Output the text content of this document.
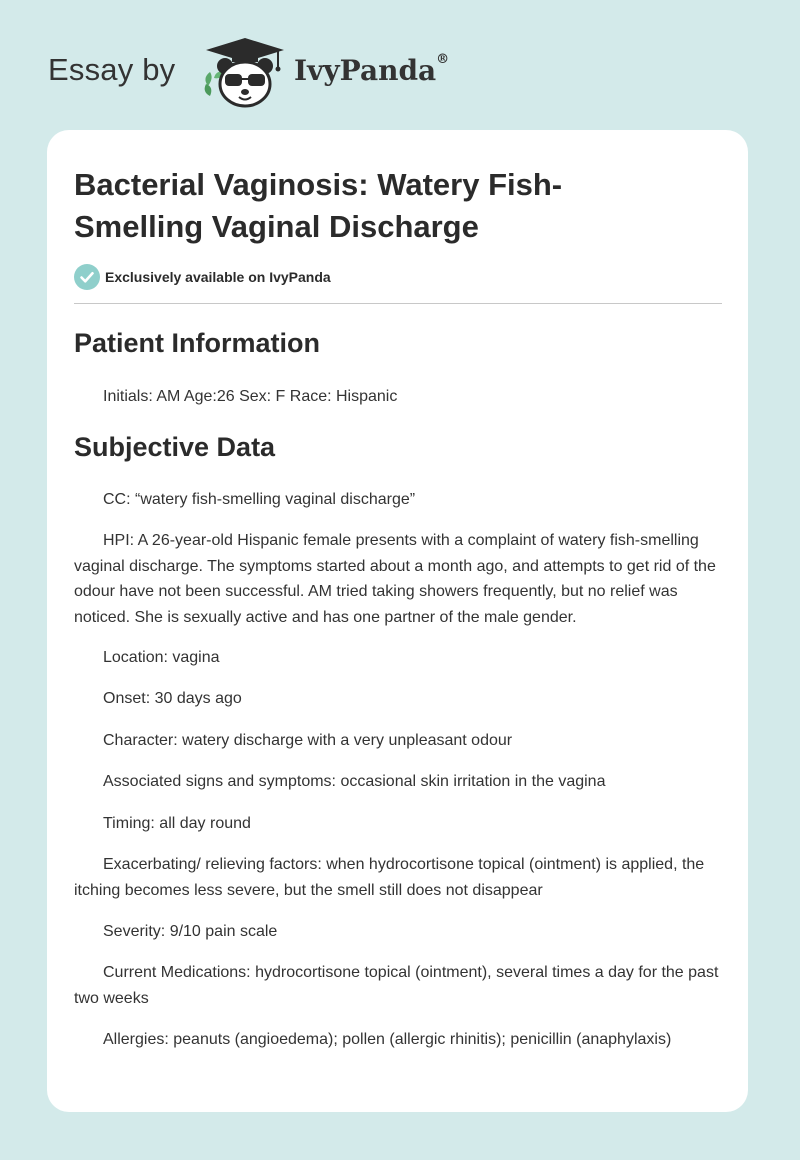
Essay by	IvyPanda®
Bacterial Vaginosis: Watery Fish-Smelling Vaginal Discharge
Exclusively available on IvyPanda
Patient Information

Initials: AM Age:26 Sex: F Race: Hispanic

Subjective Data

CC: “watery fish-smelling vaginal discharge”

HPI: A 26-year-old Hispanic female presents with a complaint of watery fish-smelling vaginal discharge. The symptoms started about a month ago, and attempts to get rid of the odour have not been successful. AM tried taking showers frequently, but no relief was noticed. She is sexually active and has one partner of the male gender.

Location: vagina

Onset: 30 days ago

Character: watery discharge with a very unpleasant odour

Associated signs and symptoms: occasional skin irritation in the vagina

Timing: all day round

Exacerbating/ relieving factors: when hydrocortisone topical (ointment) is applied, the itching becomes less severe, but the smell still does not disappear

Severity: 9/10 pain scale

Current Medications: hydrocortisone topical (ointment), several times a day for the past two weeks

Allergies: peanuts (angioedema); pollen (allergic rhinitis); penicillin (anaphylaxis)
